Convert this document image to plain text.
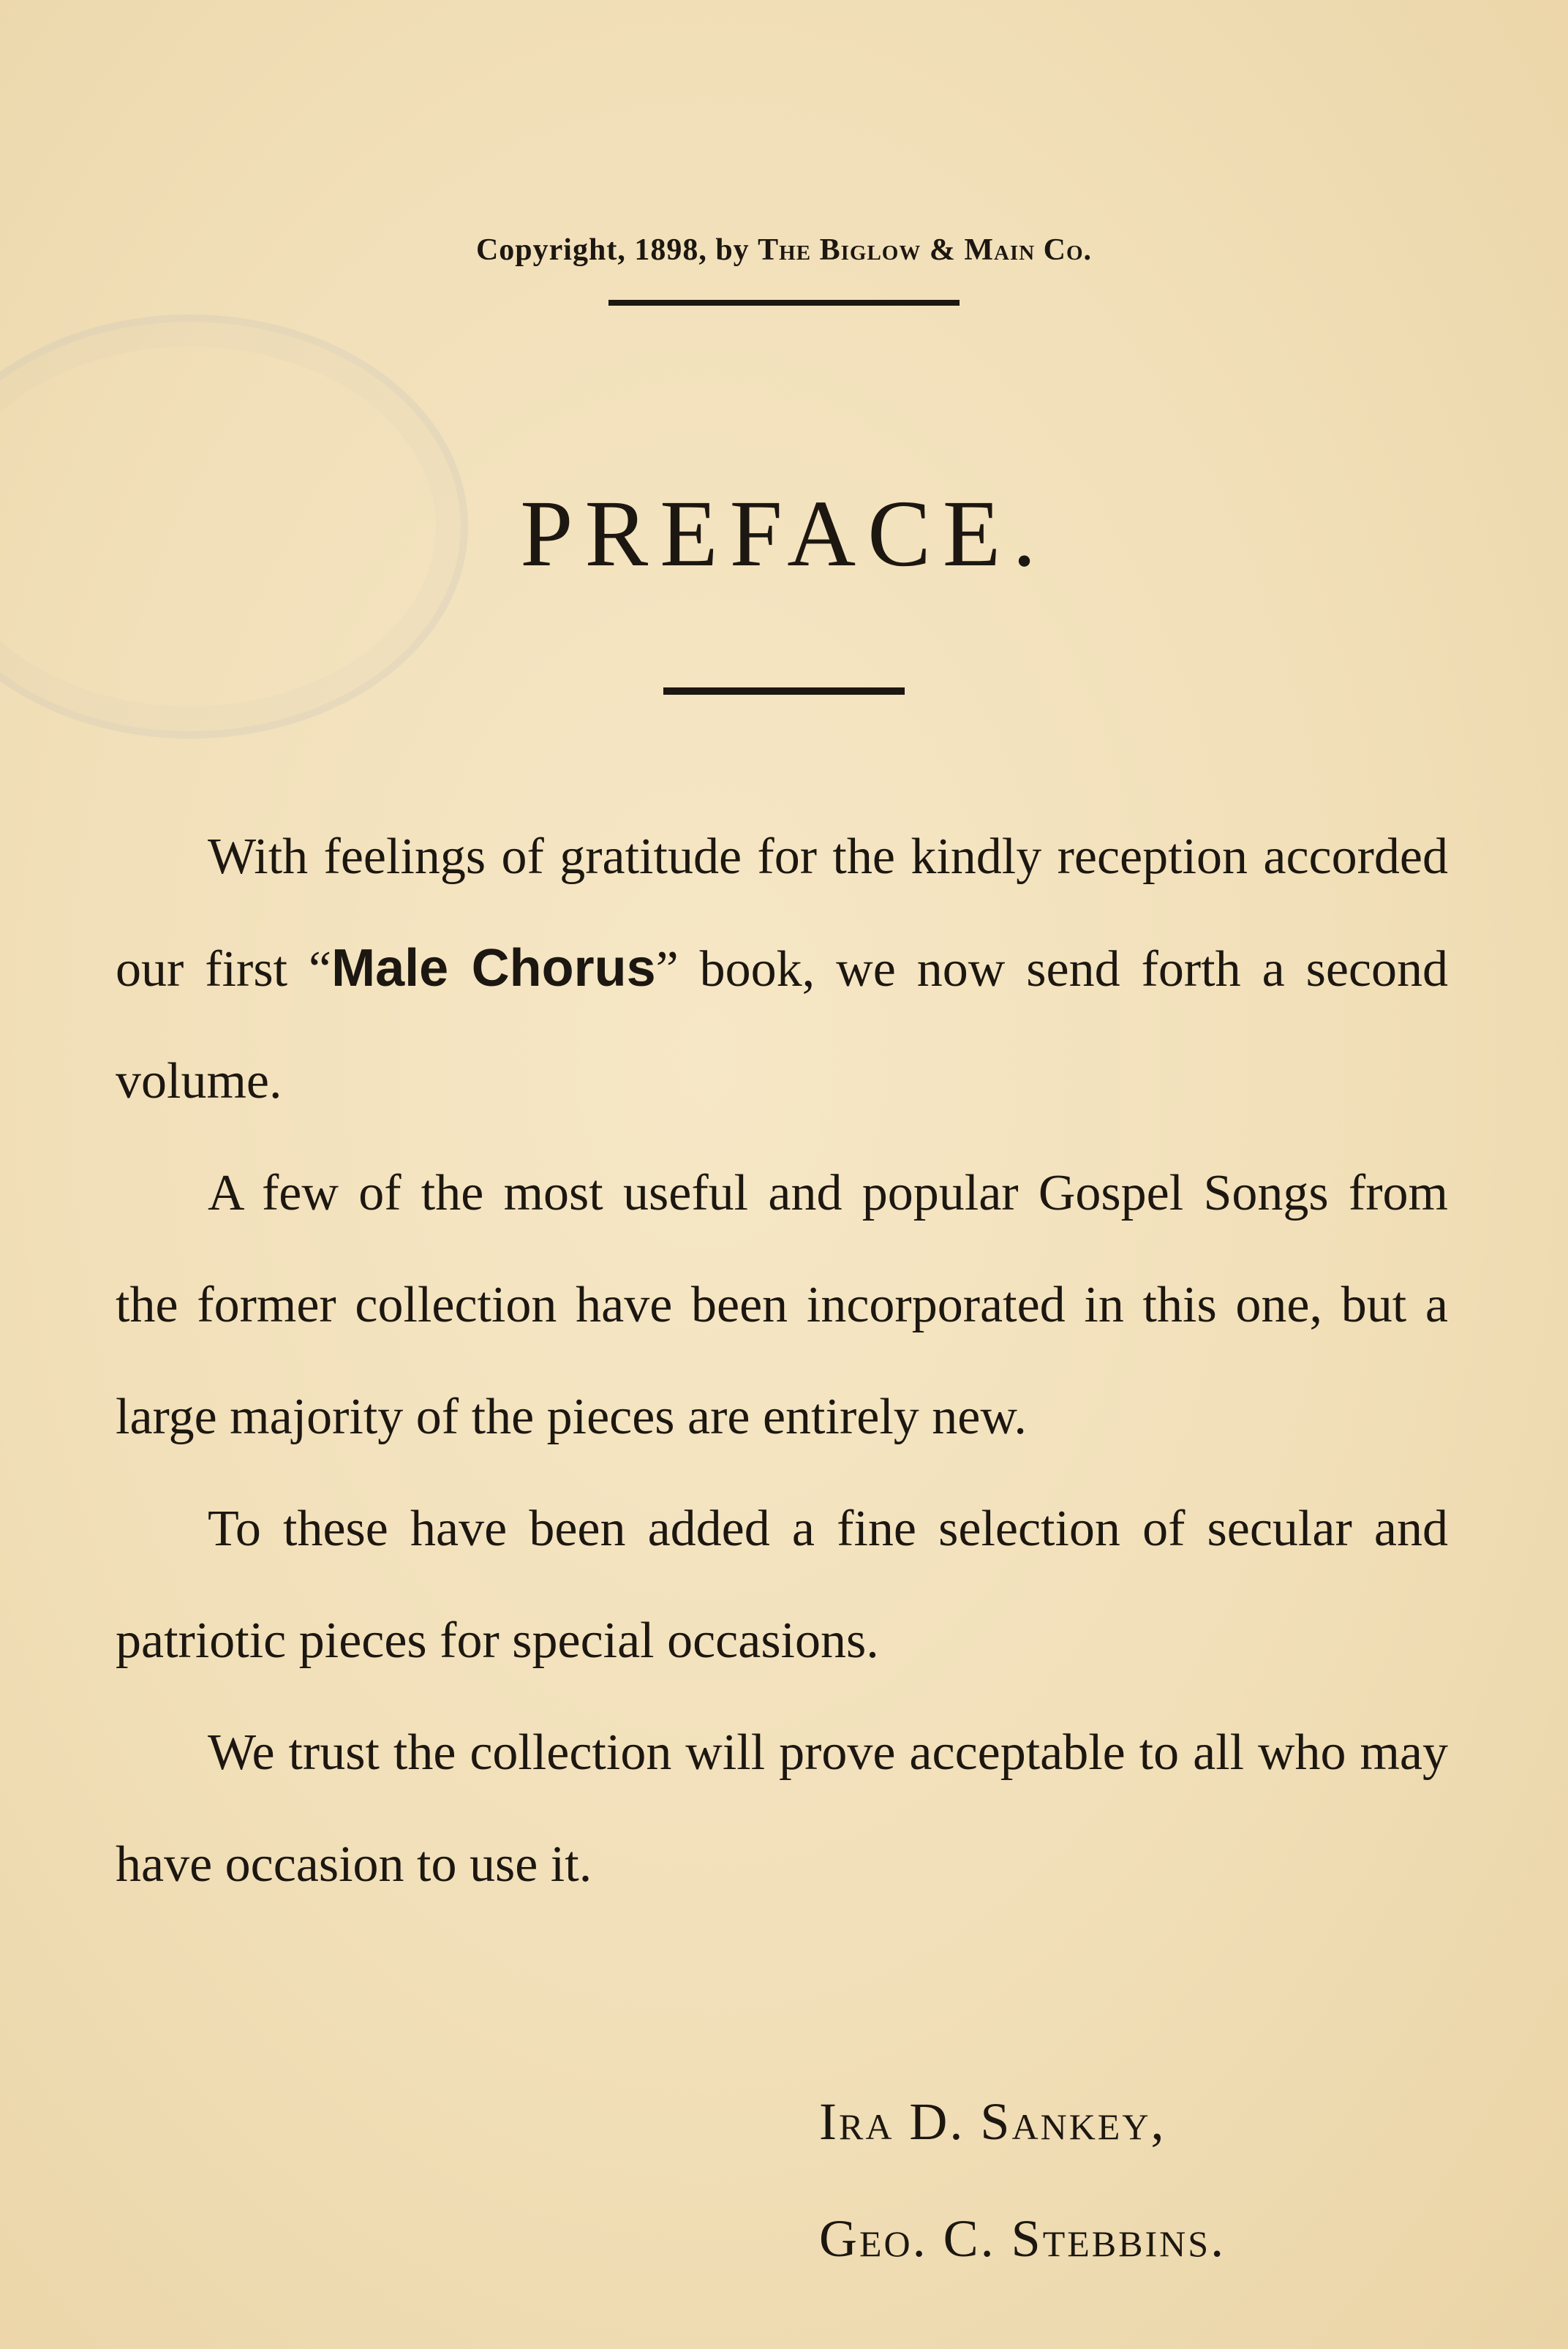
Copyright, 1898, by The Biglow & Main Co.
PREFACE.

With feelings of gratitude for the kindly reception accorded our first “Male Chorus” book, we now send forth a second volume.

A few of the most useful and popular Gospel Songs from the former collection have been incorporated in this one, but a large majority of the pieces are entirely new.

To these have been added a fine selection of secular and patriotic pieces for special occasions.

We trust the collection will prove acceptable to all who may have occasion to use it.

Ira D. Sankey,
Geo. C. Stebbins.
